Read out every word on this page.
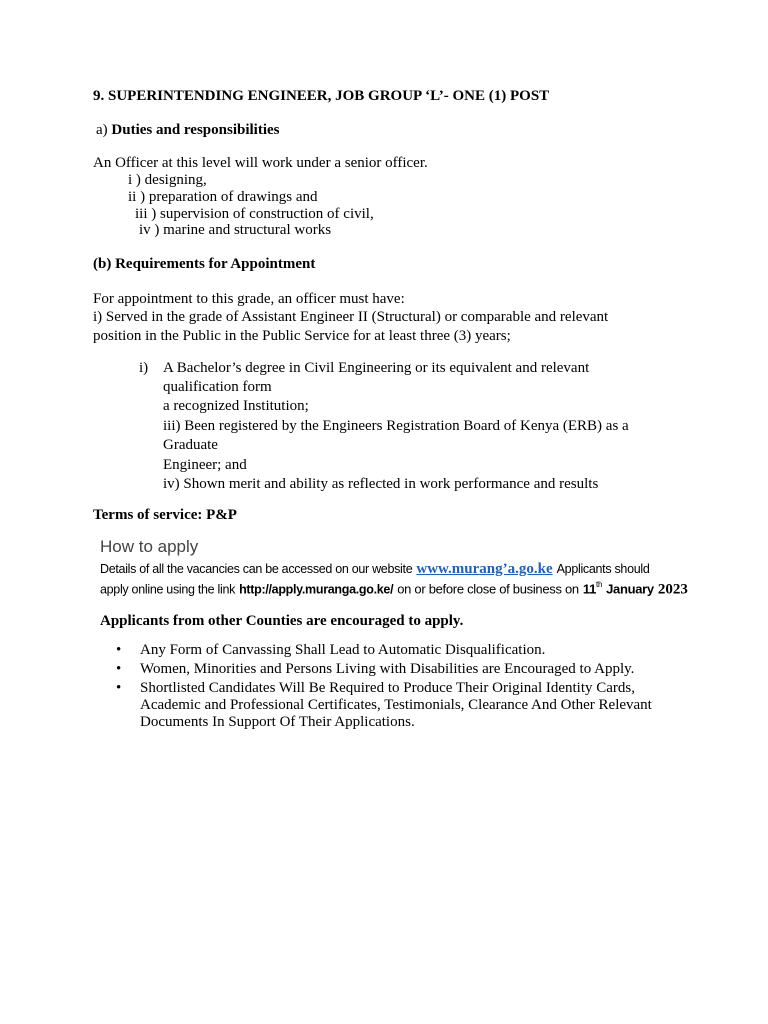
9. SUPERINTENDING ENGINEER, JOB GROUP ‘L’- ONE (1) POST
a) Duties and responsibilities
An Officer at this level will work under a senior officer.
i ) designing,
ii ) preparation of drawings and
iii ) supervision of construction of civil,
iv ) marine and structural works
(b) Requirements for Appointment
For appointment to this grade, an officer must have:
i) Served in the grade of Assistant Engineer II (Structural) or comparable and relevant
position in the Public in the Public Service for at least three (3) years;
i) A Bachelor’s degree in Civil Engineering or its equivalent and relevant
qualification form
a recognized Institution;
iii) Been registered by the Engineers Registration Board of Kenya (ERB) as a
Graduate
Engineer; and
iv) Shown merit and ability as reflected in work performance and results
Terms of service: P&P
How to apply
Details of all the vacancies can be accessed on our website www.murang’a.go.ke Applicants should
apply online using the link http://apply.muranga.go.ke/ on or before close of business on 11th January 2023
Applicants from other Counties are encouraged to apply.
• Any Form of Canvassing Shall Lead to Automatic Disqualification.
• Women, Minorities and Persons Living with Disabilities are Encouraged to Apply.
• Shortlisted Candidates Will Be Required to Produce Their Original Identity Cards, Academic and Professional Certificates, Testimonials, Clearance And Other Relevant Documents In Support Of Their Applications.
